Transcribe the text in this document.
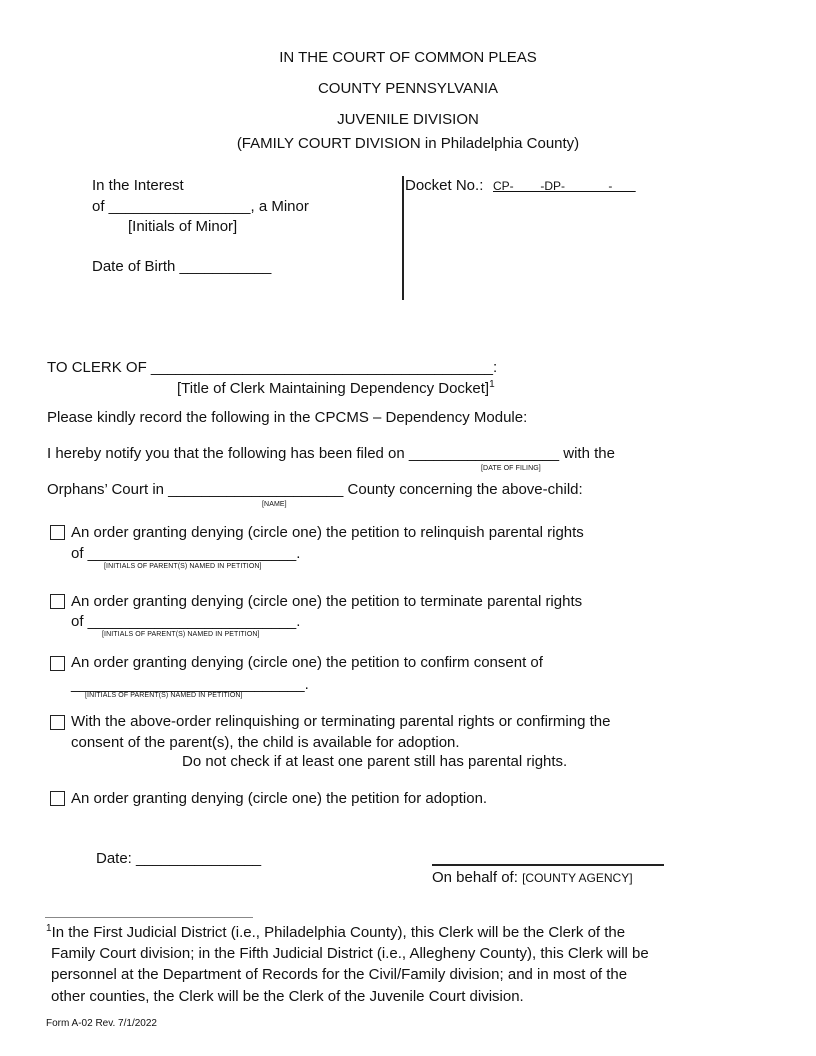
IN THE COURT OF COMMON PLEAS
COUNTY PENNSYLVANIA
JUVENILE DIVISION
(FAMILY COURT DIVISION in Philadelphia County)
In the Interest
of _________________, a Minor
[Initials of Minor]
Date of Birth ___________
Docket No.: CP-        -DP-             -
TO CLERK OF _________________________________________:
[Title of Clerk Maintaining Dependency Docket]$^1$
Please kindly record the following in the CPCMS – Dependency Module:
I hereby notify you that the following has been filed on __________________ with the
[DATE OF FILING]
Orphans’ Court in _____________________ County concerning the above-child:
[NAME]
An order granting denying (circle one) the petition to relinquish parental rights
of _________________________.
[INITIALS OF PARENT(S) NAMED IN PETITION]
An order granting denying (circle one) the petition to terminate parental rights
of _________________________.
[INITIALS OF PARENT(S) NAMED IN PETITION]
An order granting denying (circle one) the petition to confirm consent of
____________________________.
[INITIALS OF PARENT(S) NAMED IN PETITION]
With the above-order relinquishing or terminating parental rights or confirming the
consent of the parent(s), the child is available for adoption.
Do not check if at least one parent still has parental rights.
An order granting denying (circle one) the petition for adoption.
Date: _______________
On behalf of: [COUNTY AGENCY]
$^1$In the First Judicial District (i.e., Philadelphia County), this Clerk will be the Clerk of the
Family Court division; in the Fifth Judicial District (i.e., Allegheny County), this Clerk will be
personnel at the Department of Records for the Civil/Family division; and in most of the
other counties, the Clerk will be the Clerk of the Juvenile Court division.
Form A-02 Rev. 7/1/2022
